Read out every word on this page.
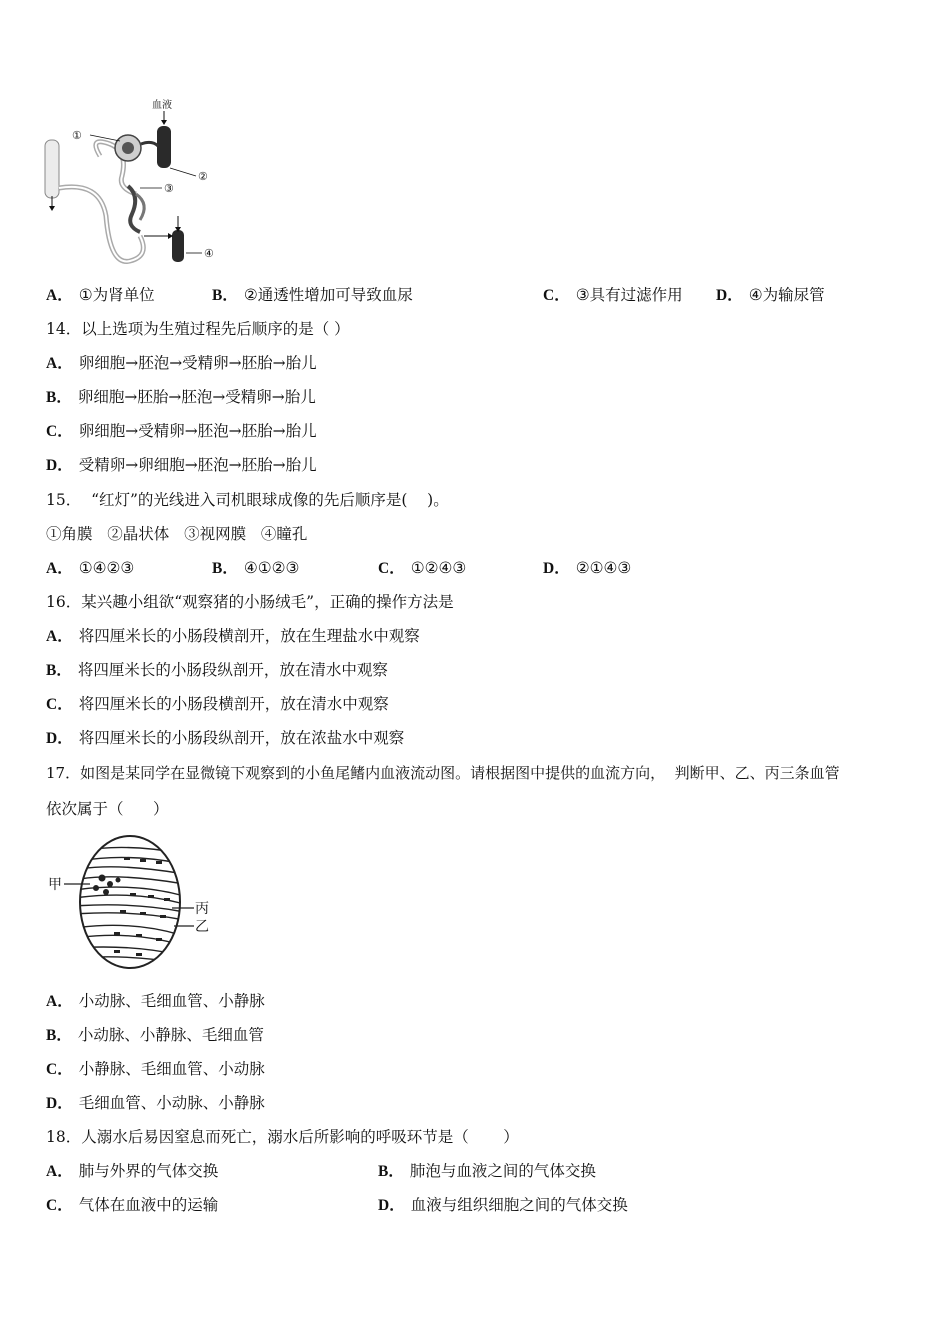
血液
①
②
③
④
A． ①为肾单位	B． ②通透性增加可导致血尿	C． ③具有过滤作用 D． ④为输尿管
14．以上选项为生殖过程先后顺序的是（ ）
A． 卵细胞→胚泡→受精卵→胚胎→胎儿
B． 卵细胞→胚胎→胚泡→受精卵→胎儿
C． 卵细胞→受精卵→胚泡→胚胎→胎儿
D． 受精卵→卵细胞→胚泡→胚胎→胎儿
15．  “红灯”的光线进入司机眼球成像的先后顺序是(    )。
①角膜   ②晶状体   ③视网膜   ④瞳孔
A． ①④②③	B． ④①②③	C． ①②④③	D． ②①④③
16．某兴趣小组欲“观察猪的小肠绒毛”，正确的操作方法是
A． 将四厘米长的小肠段横剖开，放在生理盐水中观察
B． 将四厘米长的小肠段纵剖开，放在清水中观察
C． 将四厘米长的小肠段横剖开，放在清水中观察
D． 将四厘米长的小肠段纵剖开，放在浓盐水中观察
17．如图是某同学在显微镜下观察到的小鱼尾鳍内血液流动图。请根据图中提供的血流方向，  判断甲、乙、丙三条血管
依次属于（      ）
甲
丙
乙
A． 小动脉、毛细血管、小静脉
B． 小动脉、小静脉、毛细血管
C． 小静脉、毛细血管、小动脉
D． 毛细血管、小动脉、小静脉
18．人溺水后易因窒息而死亡，溺水后所影响的呼吸环节是（       ）
A． 肺与外界的气体交换	B． 肺泡与血液之间的气体交换
C． 气体在血液中的运输	D． 血液与组织细胞之间的气体交换
